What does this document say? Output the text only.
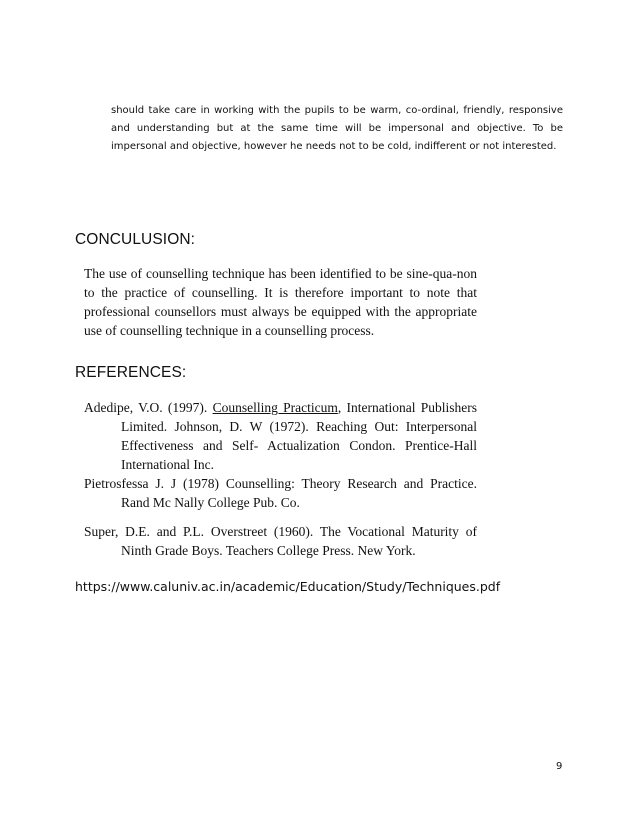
should take care in working with the pupils to be warm, co-ordinal, friendly, responsive and understanding but at the same time will be impersonal and objective. To be impersonal and objective, however he needs not to be cold, indifferent or not interested.

CONCULUSION:

The use of counselling technique has been identified to be sine-qua-non to the practice of counselling. It is therefore important to note that professional counsellors must always be equipped with the appropriate use of counselling technique in a counselling process.

REFERENCES:

Adedipe, V.O. (1997). Counselling Practicum, International Publishers Limited. Johnson, D. W (1972). Reaching Out: Interpersonal Effectiveness and Self- Actualization Condon. Prentice-Hall International Inc.

Pietrosfessa J. J (1978) Counselling: Theory Research and Practice. Rand Mc Nally College Pub. Co.

Super, D.E. and P.L. Overstreet (1960). The Vocational Maturity of Ninth Grade Boys. Teachers College Press. New York.

https://www.caluniv.ac.in/academic/Education/Study/Techniques.pdf

9
